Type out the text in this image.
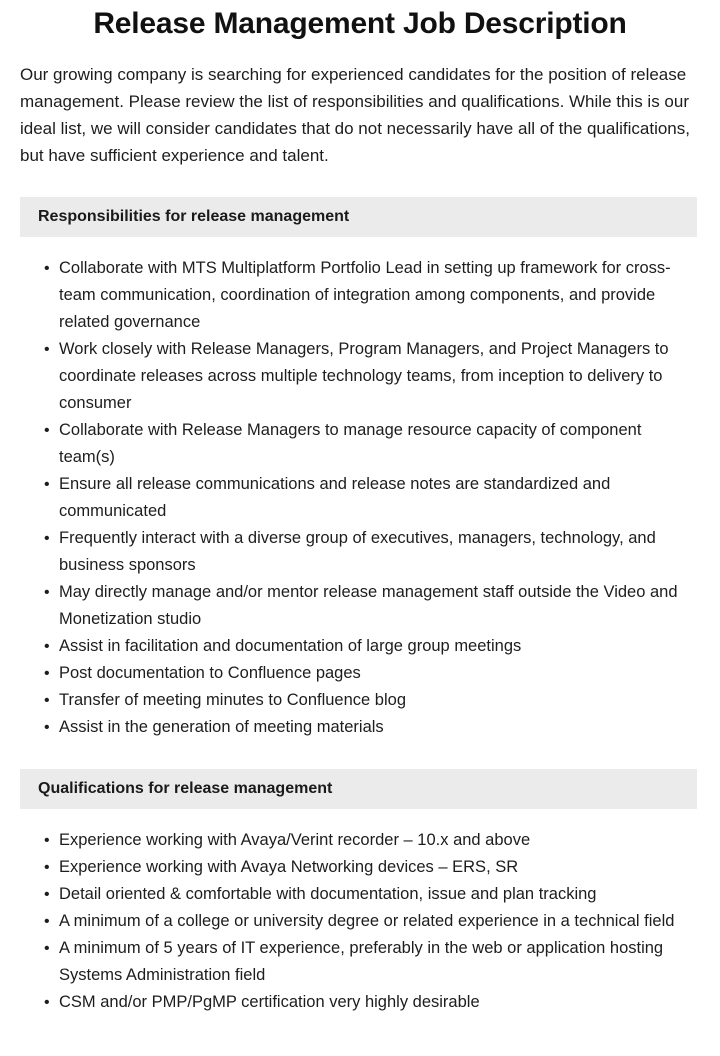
Release Management Job Description

Our growing company is searching for experienced candidates for the position of release management. Please review the list of responsibilities and qualifications. While this is our ideal list, we will consider candidates that do not necessarily have all of the qualifications, but have sufficient experience and talent.

Responsibilities for release management
• Collaborate with MTS Multiplatform Portfolio Lead in setting up framework for cross- team communication, coordination of integration among components, and provide related governance
• Work closely with Release Managers, Program Managers, and Project Managers to coordinate releases across multiple technology teams, from inception to delivery to consumer
• Collaborate with Release Managers to manage resource capacity of component team(s)
• Ensure all release communications and release notes are standardized and communicated
• Frequently interact with a diverse group of executives, managers, technology, and business sponsors
• May directly manage and/or mentor release management staff outside the Video and Monetization studio
• Assist in facilitation and documentation of large group meetings
• Post documentation to Confluence pages
• Transfer of meeting minutes to Confluence blog
• Assist in the generation of meeting materials
Qualifications for release management
• Experience working with Avaya/Verint recorder – 10.x and above
• Experience working with Avaya Networking devices – ERS, SR
• Detail oriented & comfortable with documentation, issue and plan tracking
• A minimum of a college or university degree or related experience in a technical field
• A minimum of 5 years of IT experience, preferably in the web or application hosting Systems Administration field
• CSM and/or PMP/PgMP certification very highly desirable
